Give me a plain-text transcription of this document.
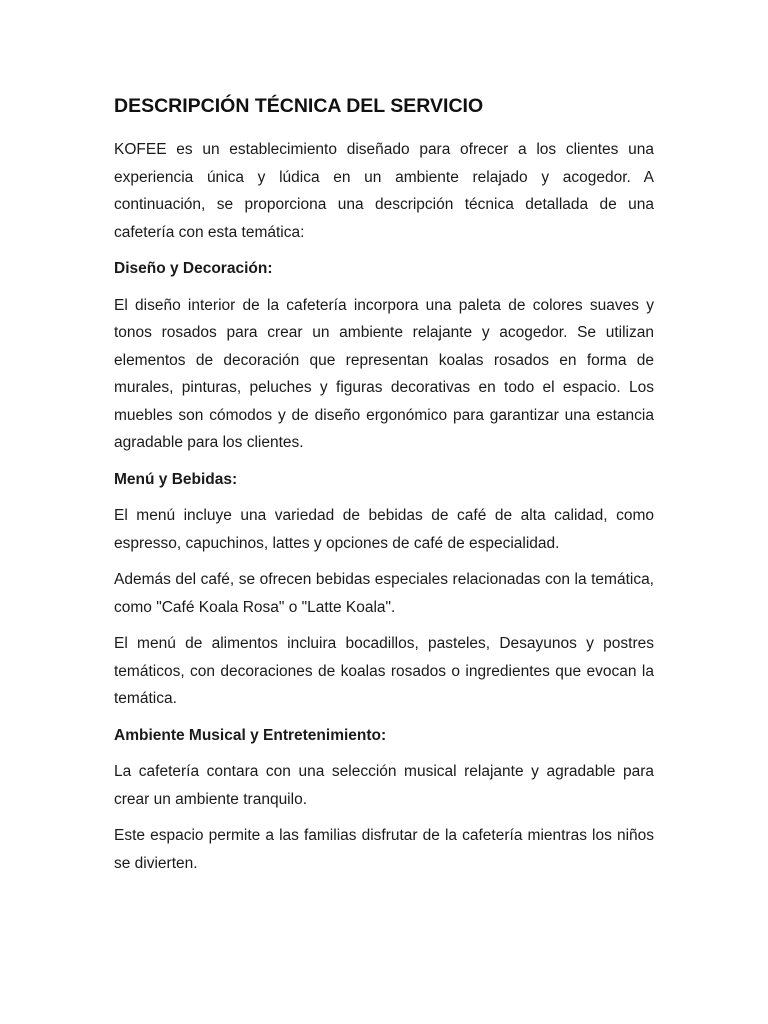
DESCRIPCIÓN TÉCNICA DEL SERVICIO

KOFEE es un establecimiento diseñado para ofrecer a los clientes una experiencia única y lúdica en un ambiente relajado y acogedor. A continuación, se proporciona una descripción técnica detallada de una cafetería con esta temática:

Diseño y Decoración:

El diseño interior de la cafetería incorpora una paleta de colores suaves y tonos rosados para crear un ambiente relajante y acogedor. Se utilizan elementos de decoración que representan koalas rosados en forma de murales, pinturas, peluches y figuras decorativas en todo el espacio. Los muebles son cómodos y de diseño ergonómico para garantizar una estancia agradable para los clientes.

Menú y Bebidas:

El menú incluye una variedad de bebidas de café de alta calidad, como espresso, capuchinos, lattes y opciones de café de especialidad.

Además del café, se ofrecen bebidas especiales relacionadas con la temática, como "Café Koala Rosa" o "Latte Koala".

El menú de alimentos incluira bocadillos, pasteles, Desayunos y postres temáticos, con decoraciones de koalas rosados o ingredientes que evocan la temática.

Ambiente Musical y Entretenimiento:

La cafetería contara con una selección musical relajante y agradable para crear un ambiente tranquilo.

Este espacio permite a las familias disfrutar de la cafetería mientras los niños se divierten.
